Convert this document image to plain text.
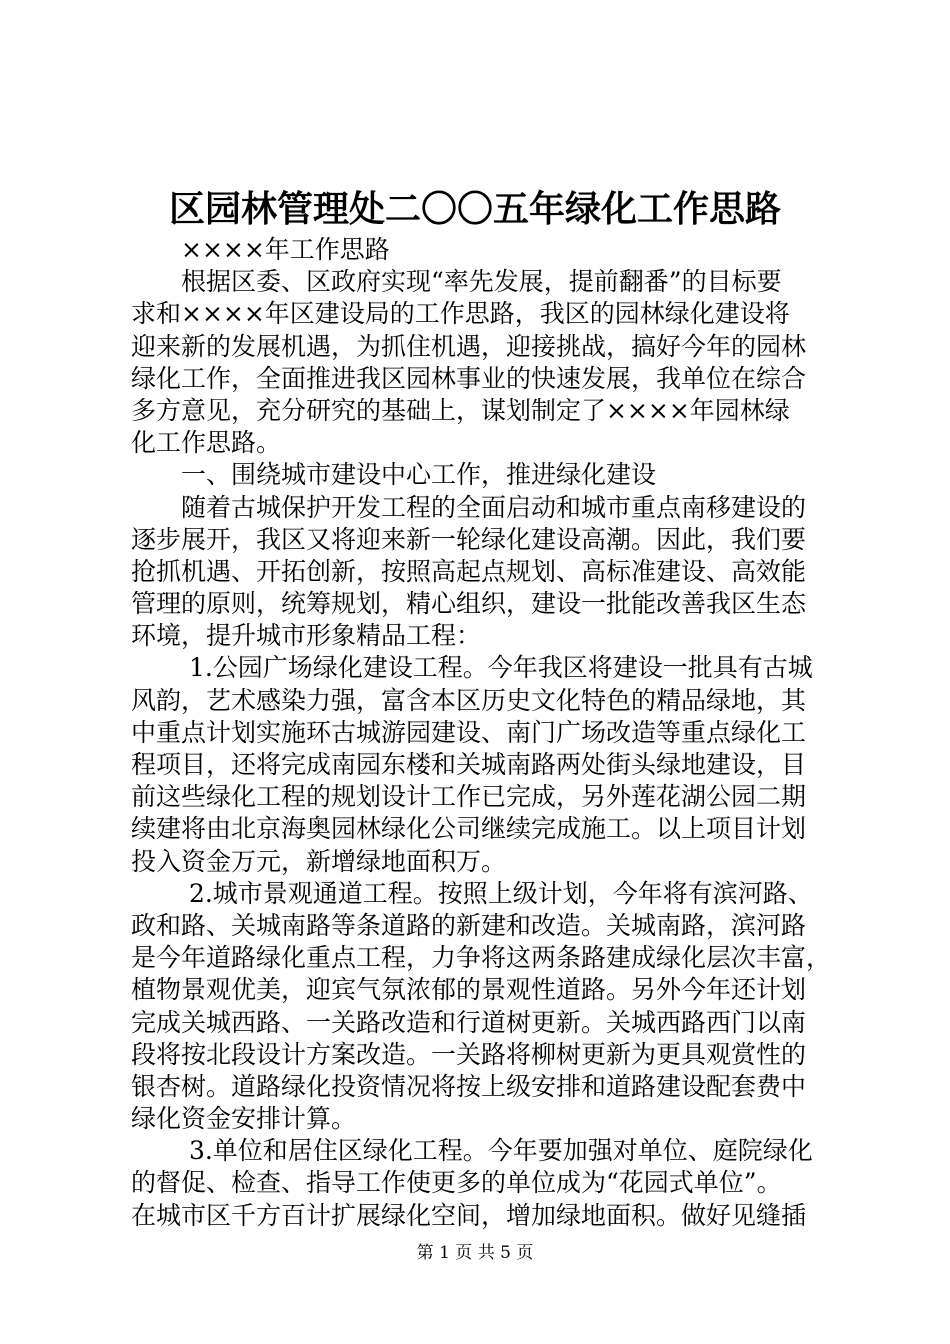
区园林管理处二〇〇五年绿化工作思路
　　××××年工作思路
　　根据区委、区政府实现“率先发展，提前翻番”的目标要
求和××××年区建设局的工作思路，我区的园林绿化建设将
迎来新的发展机遇，为抓住机遇，迎接挑战，搞好今年的园林
绿化工作，全面推进我区园林事业的快速发展，我单位在综合
多方意见，充分研究的基础上，谋划制定了××××年园林绿
化工作思路。
　　一、围绕城市建设中心工作，推进绿化建设
　　随着古城保护开发工程的全面启动和城市重点南移建设的
逐步展开，我区又将迎来新一轮绿化建设高潮。因此，我们要
抢抓机遇、开拓创新，按照高起点规划、高标准建设、高效能
管理的原则，统筹规划，精心组织，建设一批能改善我区生态
环境，提升城市形象精品工程：
　　 1.公园广场绿化建设工程。今年我区将建设一批具有古城
风韵，艺术感染力强，富含本区历史文化特色的精品绿地，其
中重点计划实施环古城游园建设、南门广场改造等重点绿化工
程项目，还将完成南园东楼和关城南路两处街头绿地建设，目
前这些绿化工程的规划设计工作已完成，另外莲花湖公园二期
续建将由北京海奥园林绿化公司继续完成施工。以上项目计划
投入资金万元，新增绿地面积万。
　　 2.城市景观通道工程。按照上级计划，今年将有滨河路、
政和路、关城南路等条道路的新建和改造。关城南路，滨河路
是今年道路绿化重点工程，力争将这两条路建成绿化层次丰富，
植物景观优美，迎宾气氛浓郁的景观性道路。另外今年还计划
完成关城西路、一关路改造和行道树更新。关城西路西门以南
段将按北段设计方案改造。一关路将柳树更新为更具观赏性的
银杏树。道路绿化投资情况将按上级安排和道路建设配套费中
绿化资金安排计算。
　　 3.单位和居住区绿化工程。今年要加强对单位、庭院绿化
的督促、检查、指导工作使更多的单位成为“花园式单位”。
在城市区千方百计扩展绿化空间，增加绿地面积。做好见缝插
第 1 页 共 5 页
